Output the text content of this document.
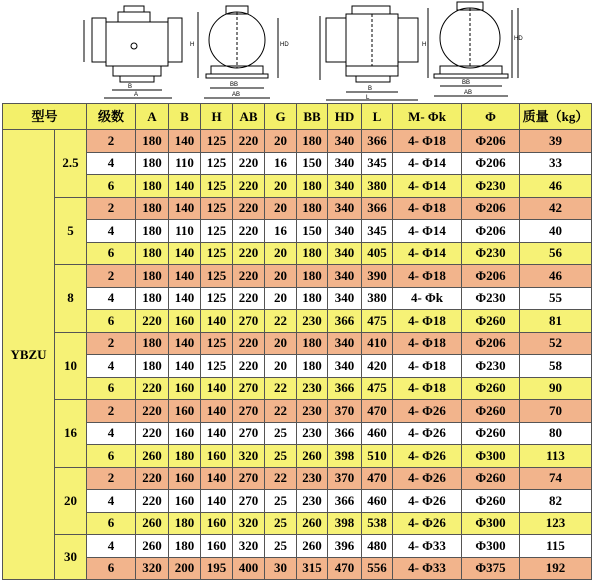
B
A
BB
AB
H	HD
B
L
BB
AB
HD
H
型号		级数	A	B	H	AB	G	BB	HD	L	M- Φk	Φ	质量（kg）
YBZU	2.5	2	180	140	125	220	20	180	340	366	4- Φ18	Φ206	39
		4	180	110	125	220	16	150	340	345	4- Φ14	Φ206	33
		6	180	140	125	220	20	180	340	380	4- Φ14	Φ230	46
	5	2	180	140	125	220	20	180	340	366	4- Φ18	Φ206	42
		4	180	110	125	220	16	150	340	345	4- Φ14	Φ206	40
		6	180	140	125	220	20	180	340	405	4- Φ14	Φ230	56
	8	2	180	140	125	220	20	180	340	390	4- Φ18	Φ206	46
		4	180	140	125	220	20	180	340	380	4- Φk	Φ230	55
		6	220	160	140	270	22	230	366	475	4- Φ18	Φ260	81
	10	2	180	140	125	220	20	180	340	410	4- Φ18	Φ206	52
		4	180	140	125	220	20	180	340	420	4- Φ18	Φ230	58
		6	220	160	140	270	22	230	366	475	4- Φ18	Φ260	90
	16	2	220	160	140	270	22	230	370	470	4- Φ26	Φ260	70
		4	220	160	140	270	25	230	366	460	4- Φ26	Φ260	80
		6	260	180	160	320	25	260	398	510	4- Φ26	Φ300	113
	20	2	220	160	140	270	22	230	370	470	4- Φ26	Φ260	74
		4	220	160	140	270	25	230	366	460	4- Φ26	Φ260	82
		6	260	180	160	320	25	260	398	538	4- Φ26	Φ300	123
	30	4	260	180	160	320	25	260	396	480	4- Φ33	Φ300	115
		6	320	200	195	400	30	315	470	556	4- Φ33	Φ375	192
